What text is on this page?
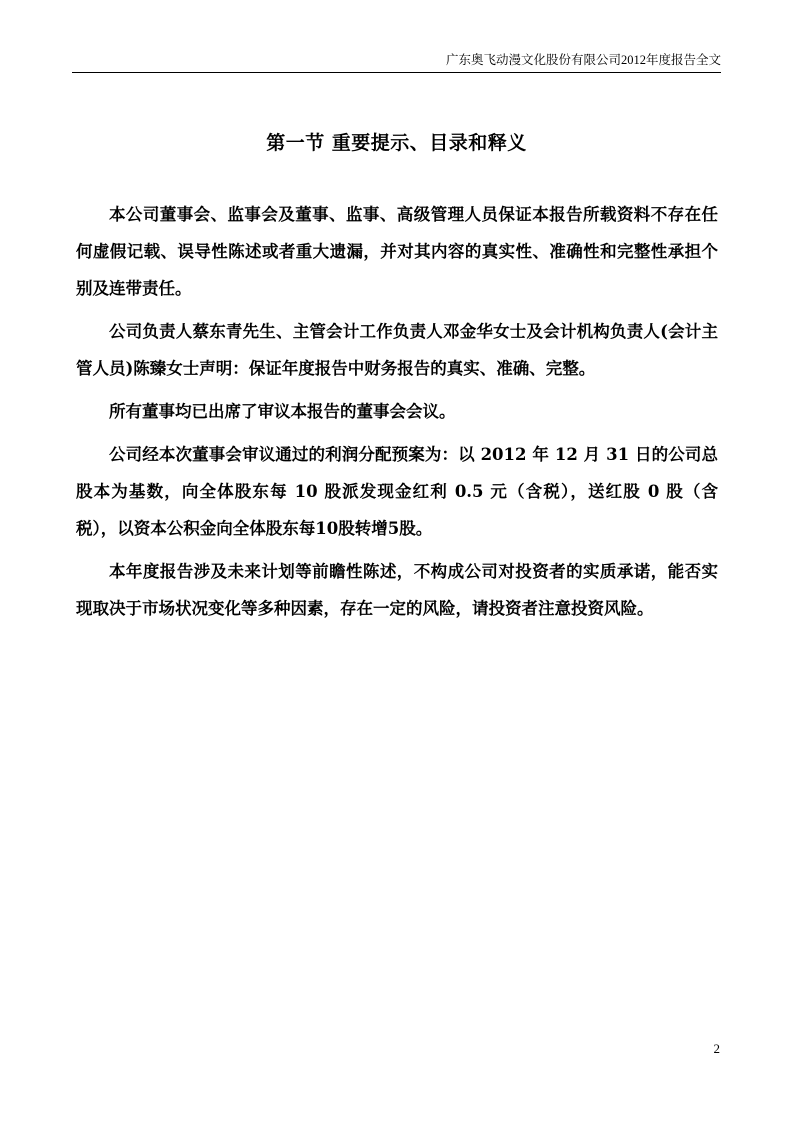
广东奥飞动漫文化股份有限公司2012年度报告全文
第一节 重要提示、目录和释义

本公司董事会、监事会及董事、监事、高级管理人员保证本报告所载资料不存在任何虚假记载、误导性陈述或者重大遗漏，并对其内容的真实性、准确性和完整性承担个别及连带责任。

公司负责人蔡东青先生、主管会计工作负责人邓金华女士及会计机构负责人(会计主管人员)陈臻女士声明：保证年度报告中财务报告的真实、准确、完整。

所有董事均已出席了审议本报告的董事会会议。

公司经本次董事会审议通过的利润分配预案为：以 2012 年 12 月 31 日的公司总股本为基数，向全体股东每 10 股派发现金红利 0.5 元（含税），送红股 0 股（含税），以资本公积金向全体股东每10股转增5股。

本年度报告涉及未来计划等前瞻性陈述，不构成公司对投资者的实质承诺，能否实现取决于市场状况变化等多种因素，存在一定的风险，请投资者注意投资风险。

2
